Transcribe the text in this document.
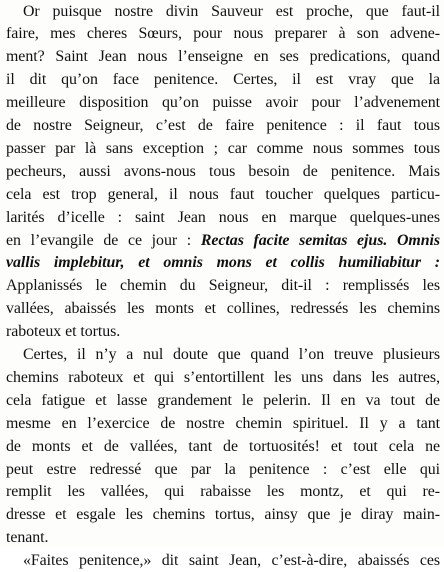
Or puisque nostre divin Sauveur est proche, que faut-il
faire, mes cheres Sœurs, pour nous preparer à son advene-
ment? Saint Jean nous l’enseigne en ses predications, quand
il dit qu’on face penitence. Certes, il est vray que la
meilleure disposition qu’on puisse avoir pour l’advenement
de nostre Seigneur, c’est de faire penitence : il faut tous
passer par là sans exception ; car comme nous sommes tous
pecheurs, aussi avons-nous tous besoin de penitence. Mais
cela est trop general, il nous faut toucher quelques particu-
larités d’icelle : saint Jean nous en marque quelques-unes
en l’evangile de ce jour : Rectas facite semitas ejus. Omnis
vallis implebitur, et omnis mons et collis humiliabitur :
Applanissés le chemin du Seigneur, dit-il : remplissés les
vallées, abaissés les monts et collines, redressés les chemins
raboteux et tortus.
Certes, il n’y a nul doute que quand l’on treuve plusieurs
chemins raboteux et qui s’entortillent les uns dans les autres,
cela fatigue et lasse grandement le pelerin. Il en va tout de
mesme en l’exercice de nostre chemin spirituel. Il y a tant
de monts et de vallées, tant de tortuosités! et tout cela ne
peut estre redressé que par la penitence : c’est elle qui
remplit les vallées, qui rabaisse les montz, et qui re-
dresse et esgale les chemins tortus, ainsy que je diray main-
tenant.
«Faites penitence,» dit saint Jean, c’est-à-dire, abaissés ces
